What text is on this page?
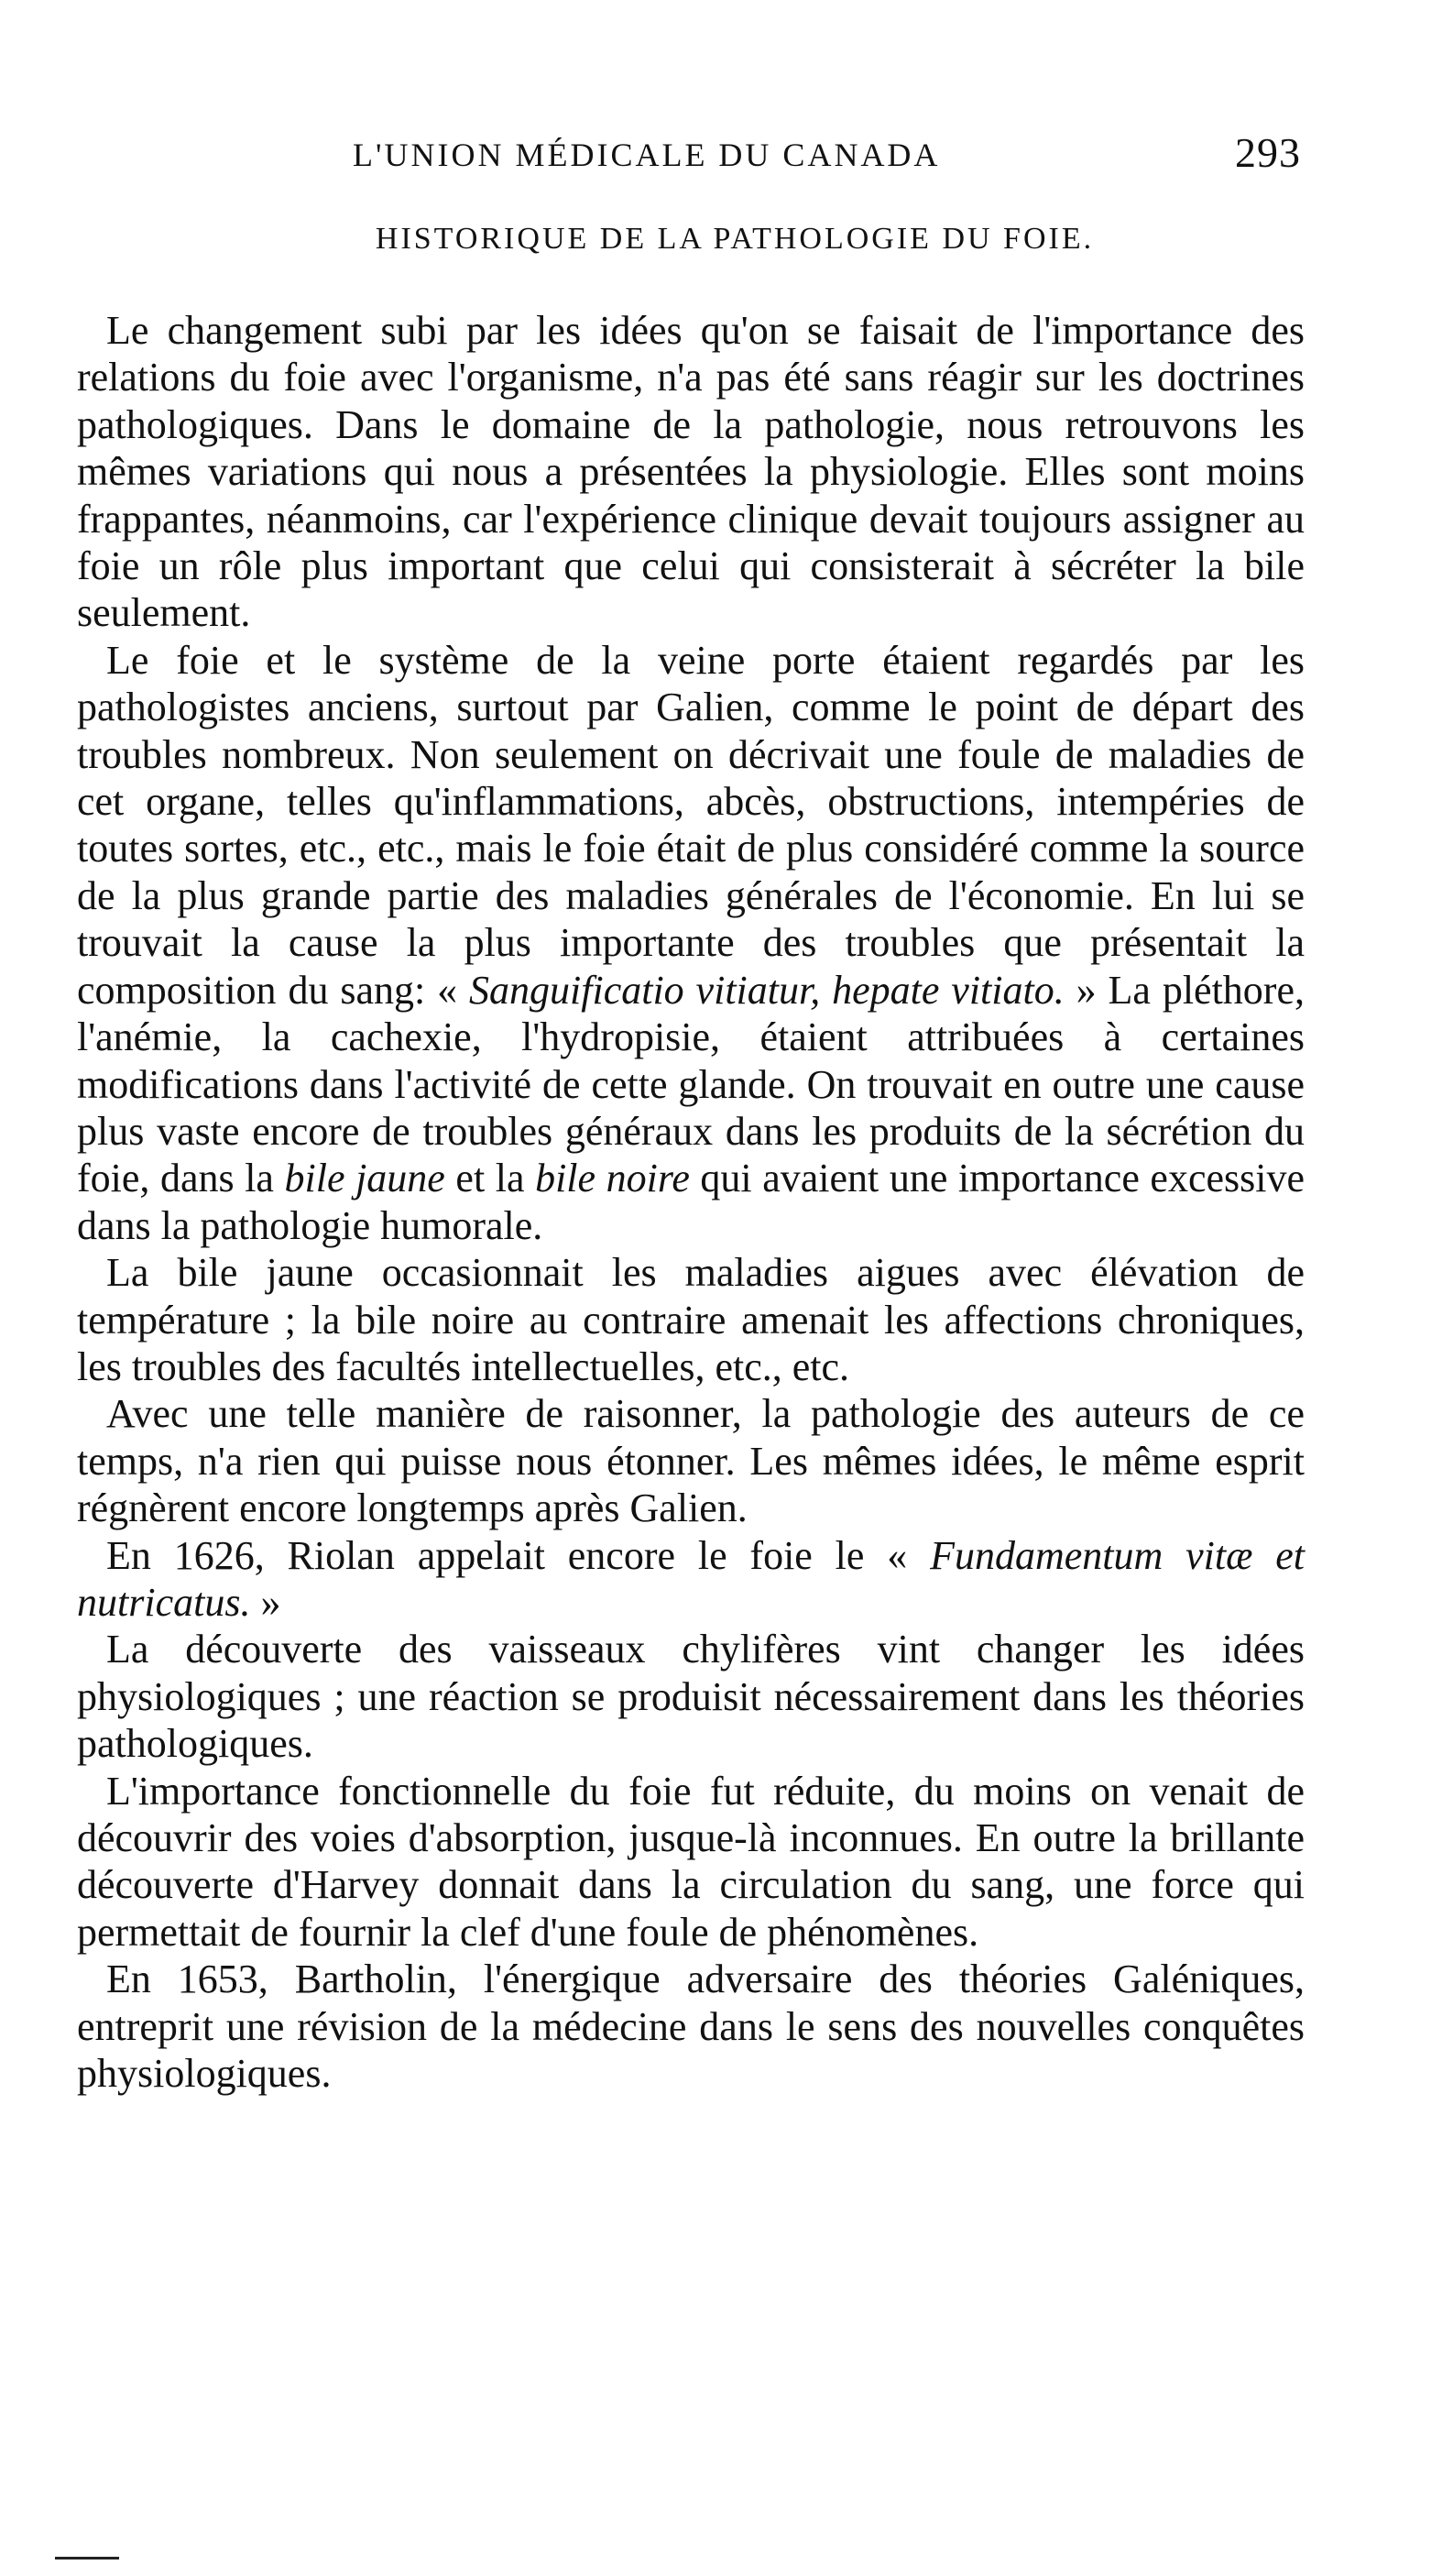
L'UNION MÉDICALE DU CANADA	293
HISTORIQUE DE LA PATHOLOGIE DU FOIE.

Le changement subi par les idées qu'on se faisait de l'importance des relations du foie avec l'organisme, n'a pas été sans réagir sur les doctrines pathologiques. Dans le domaine de la pathologie, nous retrouvons les mêmes variations qui nous a présentées la physiologie. Elles sont moins frappantes, néanmoins, car l'expérience clinique devait toujours assigner au foie un rôle plus important que celui qui consisterait à sécréter la bile seulement.

Le foie et le système de la veine porte étaient regardés par les pathologistes anciens, surtout par Galien, comme le point de départ des troubles nombreux. Non seulement on décrivait une foule de maladies de cet organe, telles qu'inflammations, abcès, obstructions, intempéries de toutes sortes, etc., etc., mais le foie était de plus considéré comme la source de la plus grande partie des maladies générales de l'économie. En lui se trouvait la cause la plus importante des troubles que présentait la composition du sang: « Sanguificatio vitiatur, hepate vitiato. » La pléthore, l'anémie, la cachexie, l'hydropisie, étaient attribuées à certaines modifications dans l'activité de cette glande. On trouvait en outre une cause plus vaste encore de troubles généraux dans les produits de la sécrétion du foie, dans la bile jaune et la bile noire qui avaient une importance excessive dans la pathologie humorale.

La bile jaune occasionnait les maladies aigues avec élévation de température ; la bile noire au contraire amenait les affections chroniques, les troubles des facultés intellectuelles, etc., etc.

Avec une telle manière de raisonner, la pathologie des auteurs de ce temps, n'a rien qui puisse nous étonner. Les mêmes idées, le même esprit régnèrent encore longtemps après Galien.

En 1626, Riolan appelait encore le foie le « Fundamentum vitæ et nutricatus. »

La découverte des vaisseaux chylifères vint changer les idées physiologiques ; une réaction se produisit nécessairement dans les théories pathologiques.

L'importance fonctionnelle du foie fut réduite, du moins on venait de découvrir des voies d'absorption, jusque-là inconnues. En outre la brillante découverte d'Harvey donnait dans la circulation du sang, une force qui permettait de fournir la clef d'une foule de phénomènes.

En 1653, Bartholin, l'énergique adversaire des théories Galéniques, entreprit une révision de la médecine dans le sens des nouvelles conquêtes physiologiques.
